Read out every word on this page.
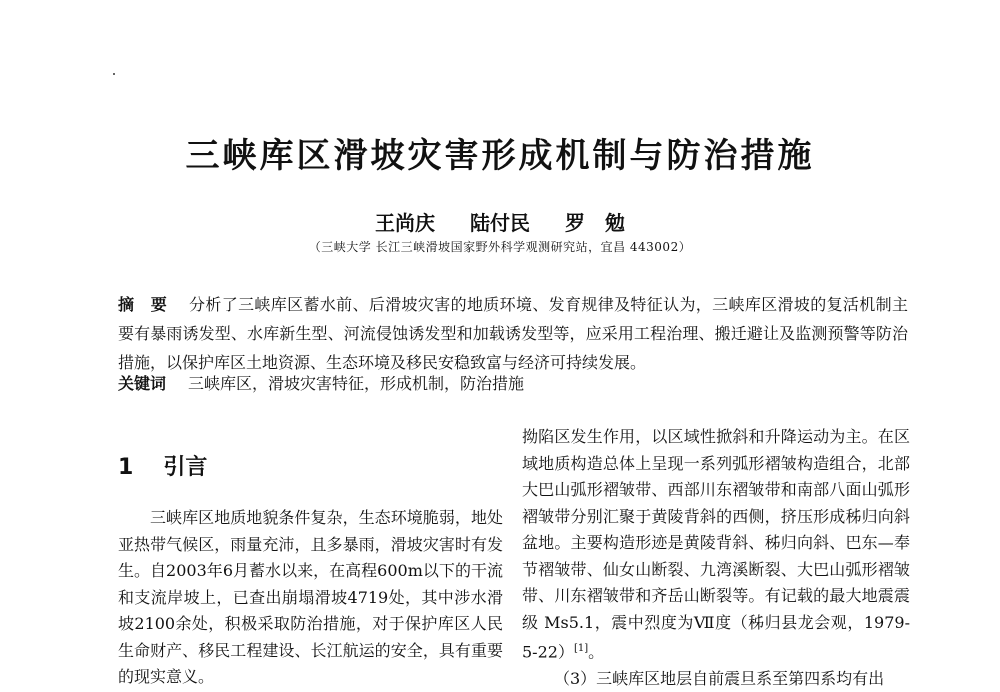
三峡库区滑坡灾害形成机制与防治措施
王尚庆 陆付民 罗　勉
（三峡大学 长江三峡滑坡国家野外科学观测研究站，宜昌 443002）
摘　要 分析了三峡库区蓄水前、后滑坡灾害的地质环境、发育规律及特征认为，三峡库区滑坡的复活机制主要有暴雨诱发型、水库新生型、河流侵蚀诱发型和加载诱发型等，应采用工程治理、搬迁避让及监测预警等防治措施，以保护库区土地资源、生态环境及移民安稳致富与经济可持续发展。
关键词 三峡库区，滑坡灾害特征，形成机制，防治措施
1 引言

三峡库区地质地貌条件复杂，生态环境脆弱，地处亚热带气候区，雨量充沛，且多暴雨，滑坡灾害时有发生。自2003年6月蓄水以来，在高程600m以下的干流和支流岸坡上，已查出崩塌滑坡4719处，其中涉水滑坡2100余处，积极采取防治措施，对于保护库区人民生命财产、移民工程建设、长江航运的安全，具有重要的现实意义。

拗陷区发生作用，以区域性掀斜和升降运动为主。在区域地质构造总体上呈现一系列弧形褶皱构造组合，北部大巴山弧形褶皱带、西部川东褶皱带和南部八面山弧形褶皱带分别汇聚于黄陵背斜的西侧，挤压形成秭归向斜盆地。主要构造形迹是黄陵背斜、秭归向斜、巴东—奉节褶皱带、仙女山断裂、九湾溪断裂、大巴山弧形褶皱带、川东褶皱带和齐岳山断裂等。有记载的最大地震震级 Ms5.1，震中烈度为Ⅶ度（秭归县龙会观，1979-5-22）[1]。

（3）三峡库区地层自前震旦系至第四系均有出
